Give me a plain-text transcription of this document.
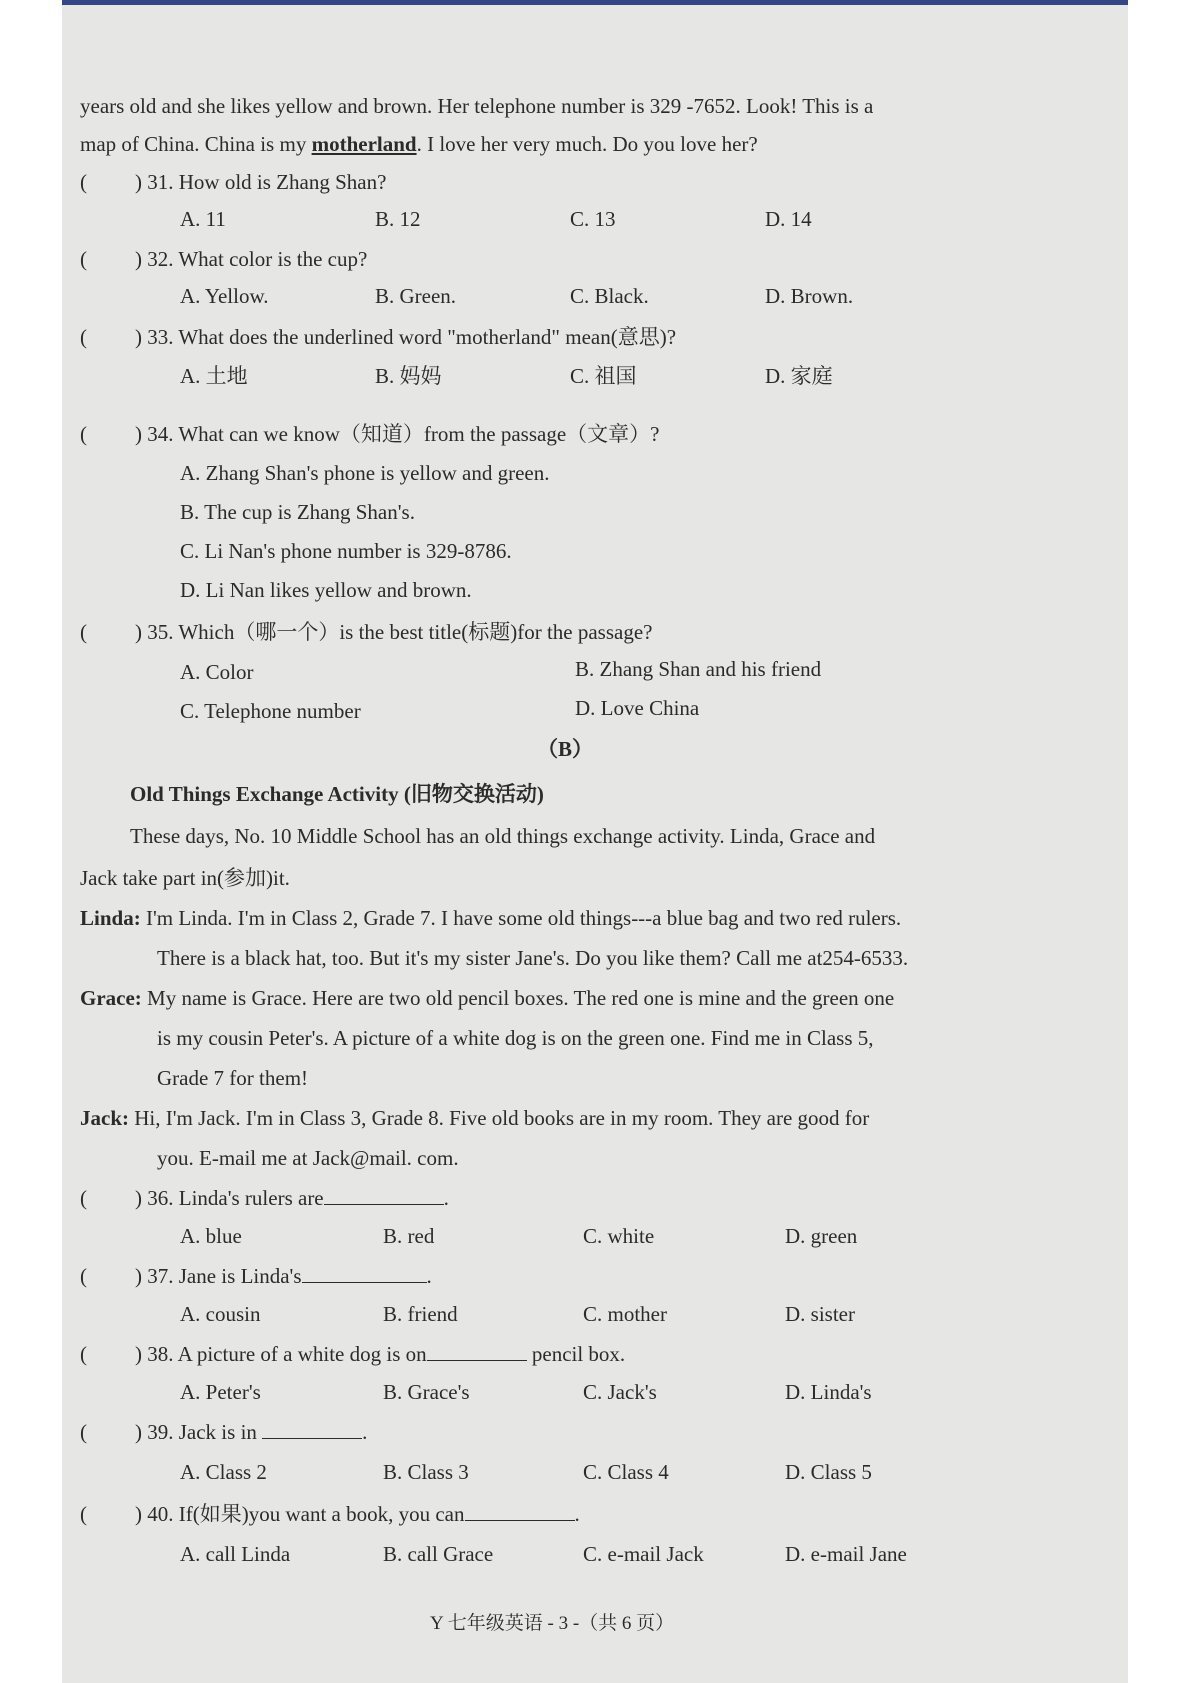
years old and she likes yellow and brown. Her telephone number is 329 -7652. Look! This is a
map of China. China is my motherland. I love her very much. Do you love her?
( ) 31. How old is Zhang Shan?
A. 11	B. 12	C. 13	D. 14
( ) 32. What color is the cup?
A. Yellow.	B. Green.	C. Black.	D. Brown.
( ) 33. What does the underlined word "motherland" mean(意思)?
A. 土地	B. 妈妈	C. 祖国	D. 家庭
( ) 34. What can we know（知道）from the passage（文章）?
A. Zhang Shan's phone is yellow and green.
B. The cup is Zhang Shan's.
C. Li Nan's phone number is 329-8786.
D. Li Nan likes yellow and brown.
( ) 35. Which（哪一个）is the best title(标题)for the passage?
A. Color	B. Zhang Shan and his friend
C. Telephone number	D. Love China
（B）
Old Things Exchange Activity (旧物交换活动)
These days, No. 10 Middle School has an old things exchange activity. Linda, Grace and
Jack take part in(参加)it.
Linda: I'm Linda. I'm in Class 2, Grade 7. I have some old things---a blue bag and two red rulers.
There is a black hat, too. But it's my sister Jane's. Do you like them? Call me at254-6533.
Grace: My name is Grace. Here are two old pencil boxes. The red one is mine and the green one
is my cousin Peter's. A picture of a white dog is on the green one. Find me in Class 5,
Grade 7 for them!
Jack: Hi, I'm Jack. I'm in Class 3, Grade 8. Five old books are in my room. They are good for
you. E-mail me at Jack@mail. com.
( ) 36. Linda's rulers are	.
A. blue	B. red	C. white	D. green
( ) 37. Jane is Linda's	.
A. cousin	B. friend	C. mother	D. sister
( ) 38. A picture of a white dog is on	pencil box.
A. Peter's	B. Grace's	C. Jack's	D. Linda's
( ) 39. Jack is in	.
A. Class 2	B. Class 3	C. Class 4	D. Class 5
( ) 40. If(如果)you want a book, you can	.
A. call Linda	B. call Grace	C. e-mail Jack	D. e-mail Jane
Y 七年级英语 - 3 -（共 6 页）
